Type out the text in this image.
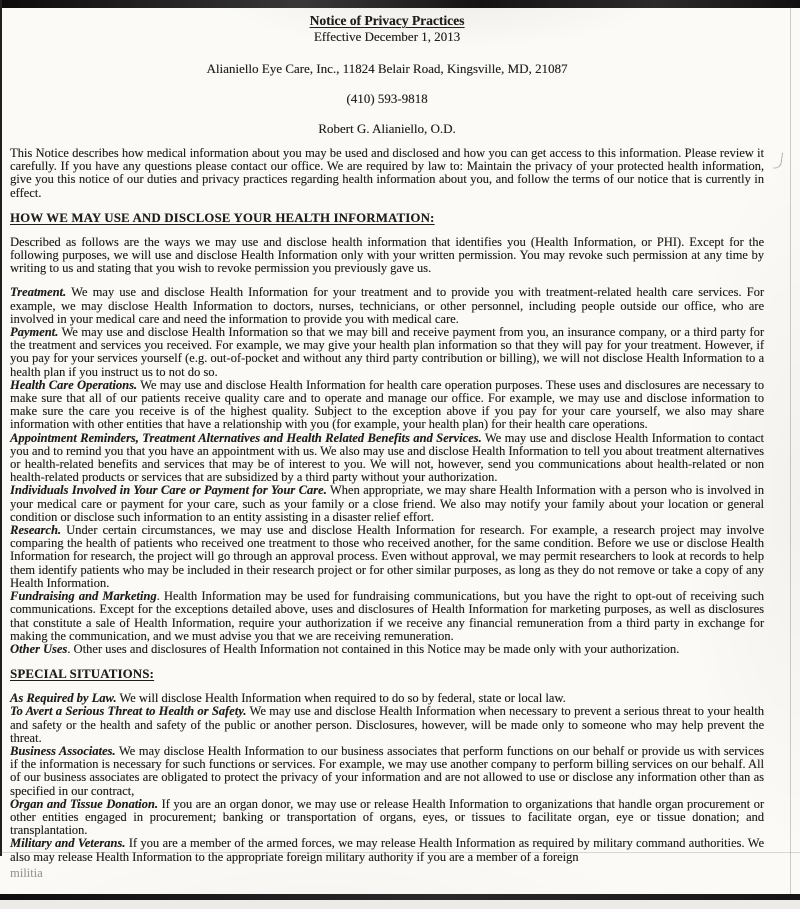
Notice of Privacy Practices
Effective December 1, 2013
Alianiello Eye Care, Inc., 11824 Belair Road, Kingsville, MD, 21087
(410) 593-9818
Robert G. Alianiello, O.D.

This Notice describes how medical information about you may be used and disclosed and how you can get access to this information. Please review it carefully. If you have any questions please contact our office. We are required by law to: Maintain the privacy of your protected health information, give you this notice of our duties and privacy practices regarding health information about you, and follow the terms of our notice that is currently in effect.

HOW WE MAY USE AND DISCLOSE YOUR HEALTH INFORMATION:

Described as follows are the ways we may use and disclose health information that identifies you (Health Information, or PHI). Except for the following purposes, we will use and disclose Health Information only with your written permission. You may revoke such permission at any time by writing to us and stating that you wish to revoke permission you previously gave us.

Treatment. We may use and disclose Health Information for your treatment and to provide you with treatment-related health care services. For example, we may disclose Health Information to doctors, nurses, technicians, or other personnel, including people outside our office, who are involved in your medical care and need the information to provide you with medical care.

Payment. We may use and disclose Health Information so that we may bill and receive payment from you, an insurance company, or a third party for the treatment and services you received. For example, we may give your health plan information so that they will pay for your treatment. However, if you pay for your services yourself (e.g. out-of-pocket and without any third party contribution or billing), we will not disclose Health Information to a health plan if you instruct us to not do so.

Health Care Operations. We may use and disclose Health Information for health care operation purposes. These uses and disclosures are necessary to make sure that all of our patients receive quality care and to operate and manage our office. For example, we may use and disclose information to make sure the care you receive is of the highest quality. Subject to the exception above if you pay for your care yourself, we also may share information with other entities that have a relationship with you (for example, your health plan) for their health care operations.

Appointment Reminders, Treatment Alternatives and Health Related Benefits and Services. We may use and disclose Health Information to contact you and to remind you that you have an appointment with us. We also may use and disclose Health Information to tell you about treatment alternatives or health-related benefits and services that may be of interest to you. We will not, however, send you communications about health-related or non health-related products or services that are subsidized by a third party without your authorization.

Individuals Involved in Your Care or Payment for Your Care. When appropriate, we may share Health Information with a person who is involved in your medical care or payment for your care, such as your family or a close friend. We also may notify your family about your location or general condition or disclose such information to an entity assisting in a disaster relief effort.

Research. Under certain circumstances, we may use and disclose Health Information for research. For example, a research project may involve comparing the health of patients who received one treatment to those who received another, for the same condition. Before we use or disclose Health Information for research, the project will go through an approval process. Even without approval, we may permit researchers to look at records to help them identify patients who may be included in their research project or for other similar purposes, as long as they do not remove or take a copy of any Health Information.

Fundraising and Marketing. Health Information may be used for fundraising communications, but you have the right to opt-out of receiving such communications. Except for the exceptions detailed above, uses and disclosures of Health Information for marketing purposes, as well as disclosures that constitute a sale of Health Information, require your authorization if we receive any financial remuneration from a third party in exchange for making the communication, and we must advise you that we are receiving remuneration.

Other Uses. Other uses and disclosures of Health Information not contained in this Notice may be made only with your authorization.

SPECIAL SITUATIONS:

As Required by Law. We will disclose Health Information when required to do so by federal, state or local law.

To Avert a Serious Threat to Health or Safety. We may use and disclose Health Information when necessary to prevent a serious threat to your health and safety or the health and safety of the public or another person. Disclosures, however, will be made only to someone who may help prevent the threat.

Business Associates. We may disclose Health Information to our business associates that perform functions on our behalf or provide us with services if the information is necessary for such functions or services. For example, we may use another company to perform billing services on our behalf. All of our business associates are obligated to protect the privacy of your information and are not allowed to use or disclose any information other than as specified in our contract,

Organ and Tissue Donation. If you are an organ donor, we may use or release Health Information to organizations that handle organ procurement or other entities engaged in procurement; banking or transportation of organs, eyes, or tissues to facilitate organ, eye or tissue donation; and transplantation.

Military and Veterans. If you are a member of the armed forces, we may release Health Information as required by military command authorities. We also may release Health Information to the appropriate foreign military authority if you are a member of a foreign

militia
